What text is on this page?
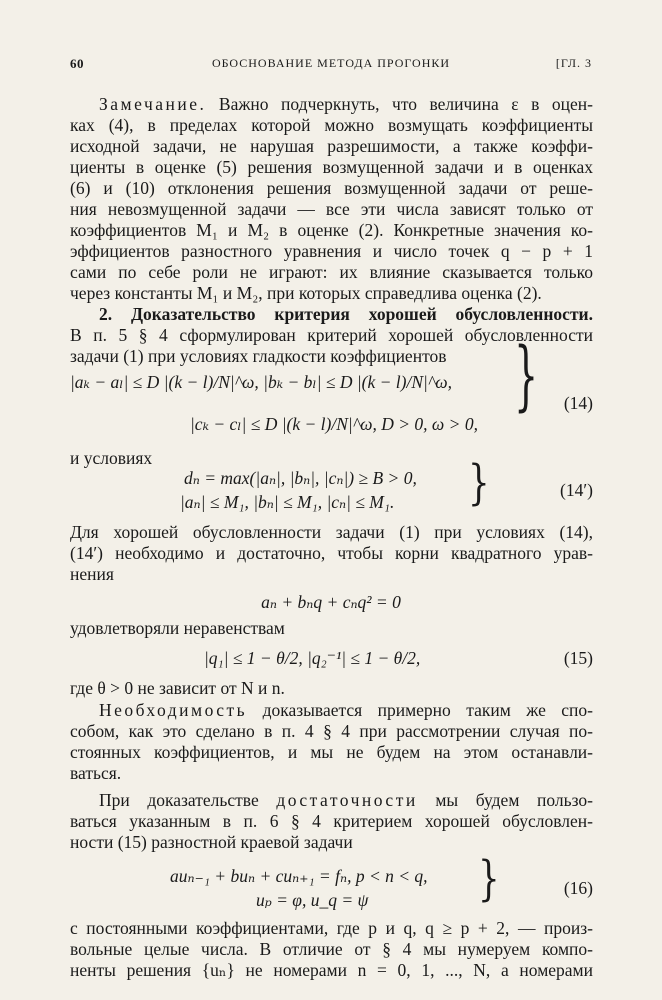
60	ОБОСНОВАНИЕ МЕТОДА ПРОГОНКИ	[ГЛ. 3
Замечание. Важно подчеркнуть, что величина ε в оцен-
ках (4), в пределах которой можно возмущать коэффициенты
исходной задачи, не нарушая разрешимости, а также коэффи-
циенты в оценке (5) решения возмущенной задачи и в оценках
(6) и (10) отклонения решения возмущенной задачи от реше-
ния невозмущенной задачи — все эти числа зависят только от
коэффициентов M₁ и M₂ в оценке (2). Конкретные значения ко-
эффициентов разностного уравнения и число точек q − p + 1
сами по себе роли не играют: их влияние сказывается только
через константы M₁ и M₂, при которых справедлива оценка (2).
2. Доказательство критерия хорошей обусловленности.
В п. 5 § 4 сформулирован критерий хорошей обусловленности
задачи (1) при условиях гладкости коэффициентов
|aₖ − aₗ| ≤ D |(k − l)/N|^ω, |bₖ − bₗ| ≤ D |(k − l)/N|^ω,
|cₖ − cₗ| ≤ D |(k − l)/N|^ω, D > 0, ω > 0,
} (14)
и условиях
dₙ = max(|aₙ|, |bₙ|, |cₙ|) ≥ B > 0,
|aₙ| ≤ M₁, |bₙ| ≤ M₁, |cₙ| ≤ M₁. }	(14′)
Для хорошей обусловленности задачи (1) при условиях (14),
(14′) необходимо и достаточно, чтобы корни квадратного урав-
нения
aₙ + bₙq + cₙq² = 0
удовлетворяли неравенствам
|q₁| ≤ 1 − θ/2, |q₂⁻¹| ≤ 1 − θ/2,	(15)
где θ > 0 не зависит от N и n.
Необходимость доказывается примерно таким же спо-
собом, как это сделано в п. 4 § 4 при рассмотрении случая по-
стоянных коэффициентов, и мы не будем на этом останавли-
ваться.
При доказательстве достаточности мы будем пользо-
ваться указанным в п. 6 § 4 критерием хорошей обусловлен-
ности (15) разностной краевой задачи
auₙ₋₁ + buₙ + cuₙ₊₁ = fₙ, p < n < q,
uₚ = φ, u_q = ψ	}	(16)
с постоянными коэффициентами, где p и q, q ≥ p + 2, — произ-
вольные целые числа. В отличие от § 4 мы нумеруем компо-
ненты решения {uₙ} не номерами n = 0, 1, ..., N, а номерами
